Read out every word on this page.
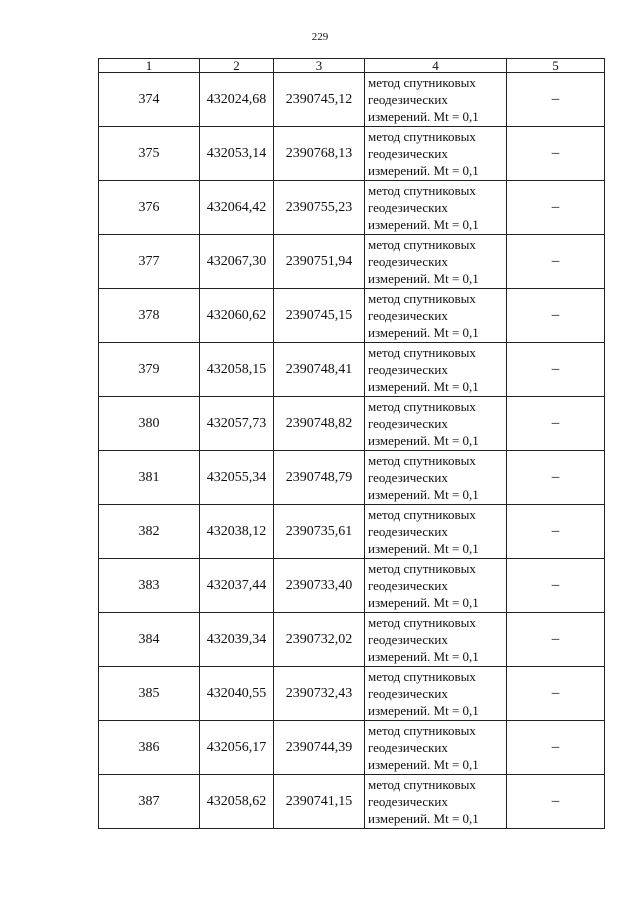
229
1	2	3	4	5
374	432024,68	2390745,12	метод спутниковых
геодезических
измерений. Mt = 0,1	–
375	432053,14	2390768,13	метод спутниковых
геодезических
измерений. Mt = 0,1	–
376	432064,42	2390755,23	метод спутниковых
геодезических
измерений. Mt = 0,1	–
377	432067,30	2390751,94	метод спутниковых
геодезических
измерений. Mt = 0,1	–
378	432060,62	2390745,15	метод спутниковых
геодезических
измерений. Mt = 0,1	–
379	432058,15	2390748,41	метод спутниковых
геодезических
измерений. Mt = 0,1	–
380	432057,73	2390748,82	метод спутниковых
геодезических
измерений. Mt = 0,1	–
381	432055,34	2390748,79	метод спутниковых
геодезических
измерений. Mt = 0,1	–
382	432038,12	2390735,61	метод спутниковых
геодезических
измерений. Mt = 0,1	–
383	432037,44	2390733,40	метод спутниковых
геодезических
измерений. Mt = 0,1	–
384	432039,34	2390732,02	метод спутниковых
геодезических
измерений. Mt = 0,1	–
385	432040,55	2390732,43	метод спутниковых
геодезических
измерений. Mt = 0,1	–
386	432056,17	2390744,39	метод спутниковых
геодезических
измерений. Mt = 0,1	–
387	432058,62	2390741,15	метод спутниковых
геодезических
измерений. Mt = 0,1	–
